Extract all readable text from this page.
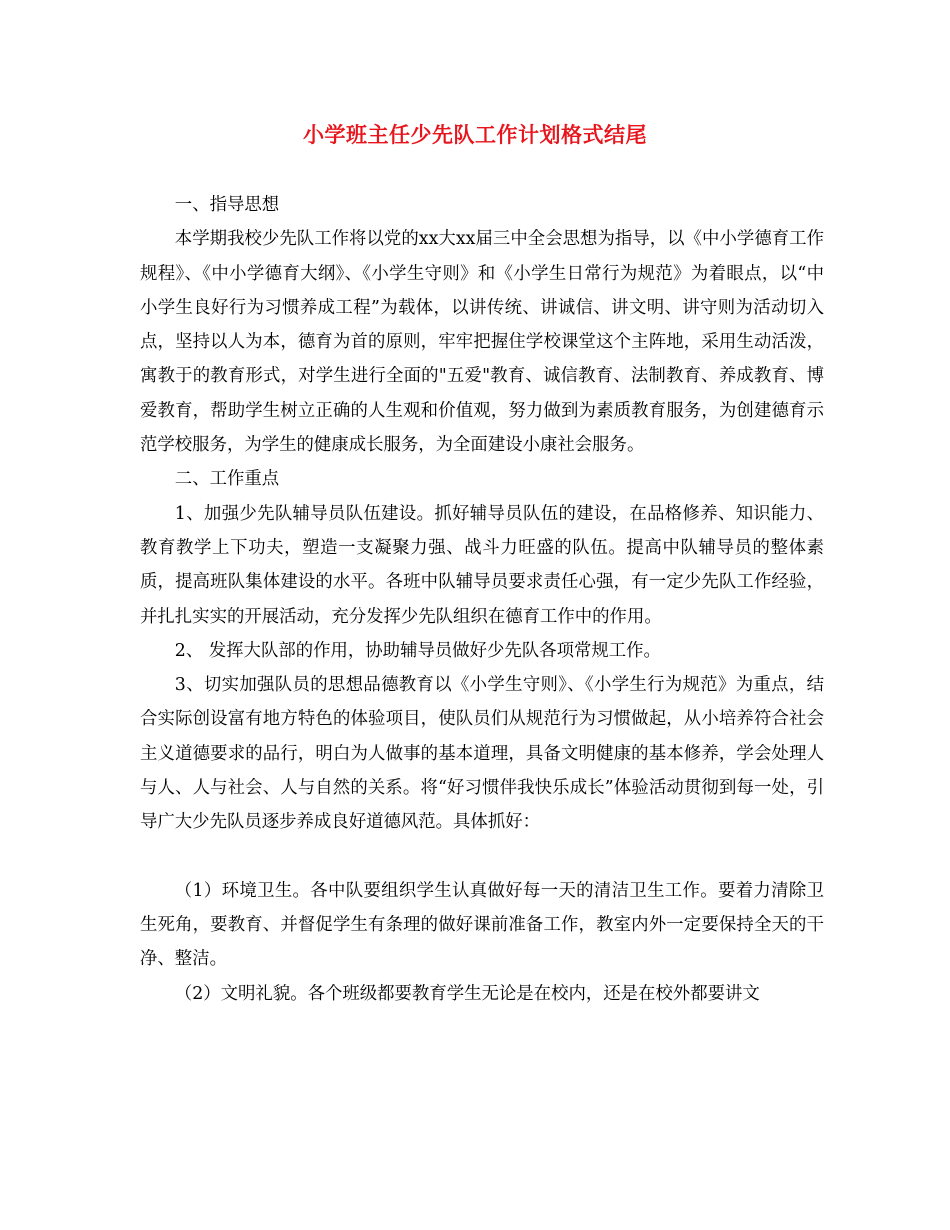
小学班主任少先队工作计划格式结尾

一、指导思想

本学期我校少先队工作将以党的xx大xx届三中全会思想为指导，以《中小学德育工作规程》、《中小学德育大纲》、《小学生守则》和《小学生日常行为规范》为着眼点，以“中小学生良好行为习惯养成工程”为载体，以讲传统、讲诚信、讲文明、讲守则为活动切入点，坚持以人为本，德育为首的原则，牢牢把握住学校课堂这个主阵地，采用生动活泼，寓教于的教育形式，对学生进行全面的"五爱"教育、诚信教育、法制教育、养成教育、博爱教育，帮助学生树立正确的人生观和价值观，努力做到为素质教育服务，为创建德育示范学校服务，为学生的健康成长服务，为全面建设小康社会服务。

二、工作重点

1、加强少先队辅导员队伍建设。抓好辅导员队伍的建设，在品格修养、知识能力、教育教学上下功夫，塑造一支凝聚力强、战斗力旺盛的队伍。提高中队辅导员的整体素质，提高班队集体建设的水平。各班中队辅导员要求责任心强，有一定少先队工作经验，并扎扎实实的开展活动，充分发挥少先队组织在德育工作中的作用。

2、 发挥大队部的作用，协助辅导员做好少先队各项常规工作。

3、切实加强队员的思想品德教育以《小学生守则》、《小学生行为规范》为重点，结合实际创设富有地方特色的体验项目，使队员们从规范行为习惯做起，从小培养符合社会主义道德要求的品行，明白为人做事的基本道理，具备文明健康的基本修养，学会处理人与人、人与社会、人与自然的关系。将“好习惯伴我快乐成长”体验活动贯彻到每一处，引导广大少先队员逐步养成良好道德风范。具体抓好：

（1）环境卫生。各中队要组织学生认真做好每一天的清洁卫生工作。要着力清除卫生死角，要教育、并督促学生有条理的做好课前准备工作，教室内外一定要保持全天的干净、整洁。

（2）文明礼貌。各个班级都要教育学生无论是在校内，还是在校外都要讲文
